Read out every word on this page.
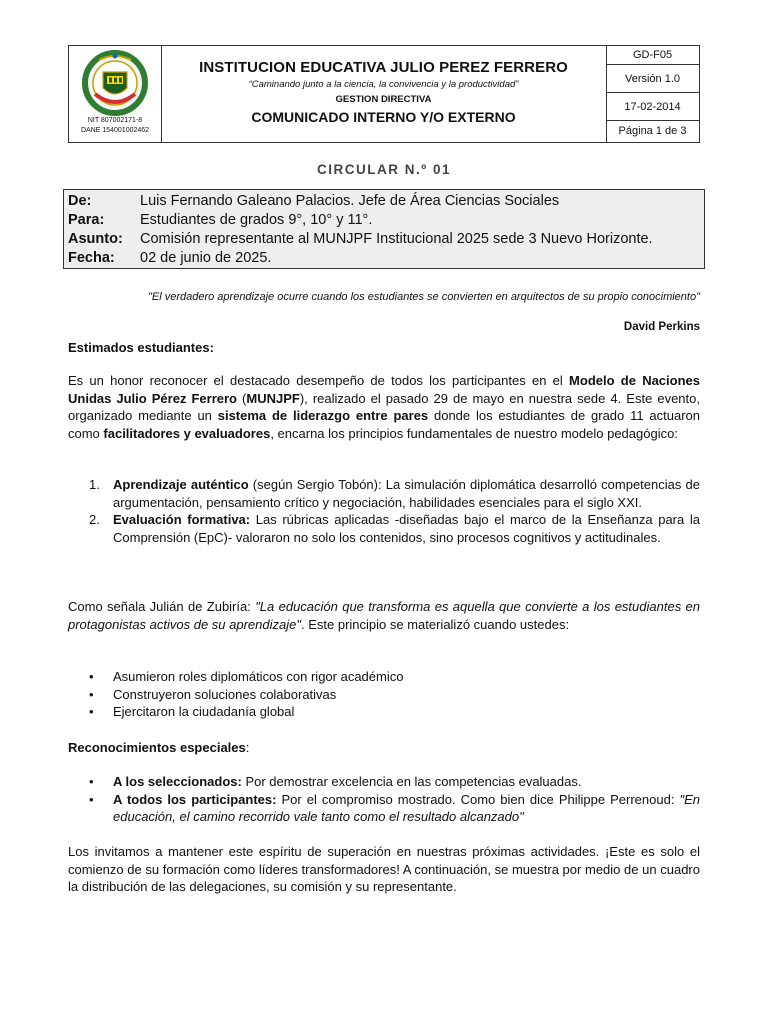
NIT 807002171-8
DANE 154001002462
INSTITUCION EDUCATIVA JULIO PEREZ FERRERO
“Caminando junto a la ciencia, la convivencia y la productividad”
GESTION DIRECTIVA
COMUNICADO INTERNO Y/O EXTERNO
GD-F05
Versión 1.0
17-02-2014
Página 1 de 3
CIRCULAR N.º 01
De:	Luis Fernando Galeano Palacios. Jefe de Área Ciencias Sociales
Para: Estudiantes de grados 9°, 10° y 11°.
Asunto: Comisión representante al MUNJPF Institucional 2025 sede 3 Nuevo Horizonte.
Fecha: 02 de junio de 2025.
"El verdadero aprendizaje ocurre cuando los estudiantes se convierten en arquitectos de su propio conocimiento"
David Perkins
Estimados estudiantes:
Es un honor reconocer el destacado desempeño de todos los participantes en el Modelo de Naciones Unidas Julio Pérez Ferrero (MUNJPF), realizado el pasado 29 de mayo en nuestra sede 4. Este evento, organizado mediante un sistema de liderazgo entre pares donde los estudiantes de grado 11 actuaron como facilitadores y evaluadores, encarna los principios fundamentales de nuestro modelo pedagógico:
1. Aprendizaje auténtico (según Sergio Tobón): La simulación diplomática desarrolló competencias de argumentación, pensamiento crítico y negociación, habilidades esenciales para el siglo XXI.
2. Evaluación formativa: Las rúbricas aplicadas -diseñadas bajo el marco de la Enseñanza para la Comprensión (EpC)- valoraron no solo los contenidos, sino procesos cognitivos y actitudinales.
Como señala Julián de Zubiría: "La educación que transforma es aquella que convierte a los estudiantes en protagonistas activos de su aprendizaje". Este principio se materializó cuando ustedes:
• Asumieron roles diplomáticos con rigor académico
• Construyeron soluciones colaborativas
• Ejercitaron la ciudadanía global
Reconocimientos especiales:
• A los seleccionados: Por demostrar excelencia en las competencias evaluadas.
• A todos los participantes: Por el compromiso mostrado. Como bien dice Philippe Perrenoud: "En educación, el camino recorrido vale tanto como el resultado alcanzado"
Los invitamos a mantener este espíritu de superación en nuestras próximas actividades. ¡Este es solo el comienzo de su formación como líderes transformadores! A continuación, se muestra por medio de un cuadro la distribución de las delegaciones, su comisión y su representante.
